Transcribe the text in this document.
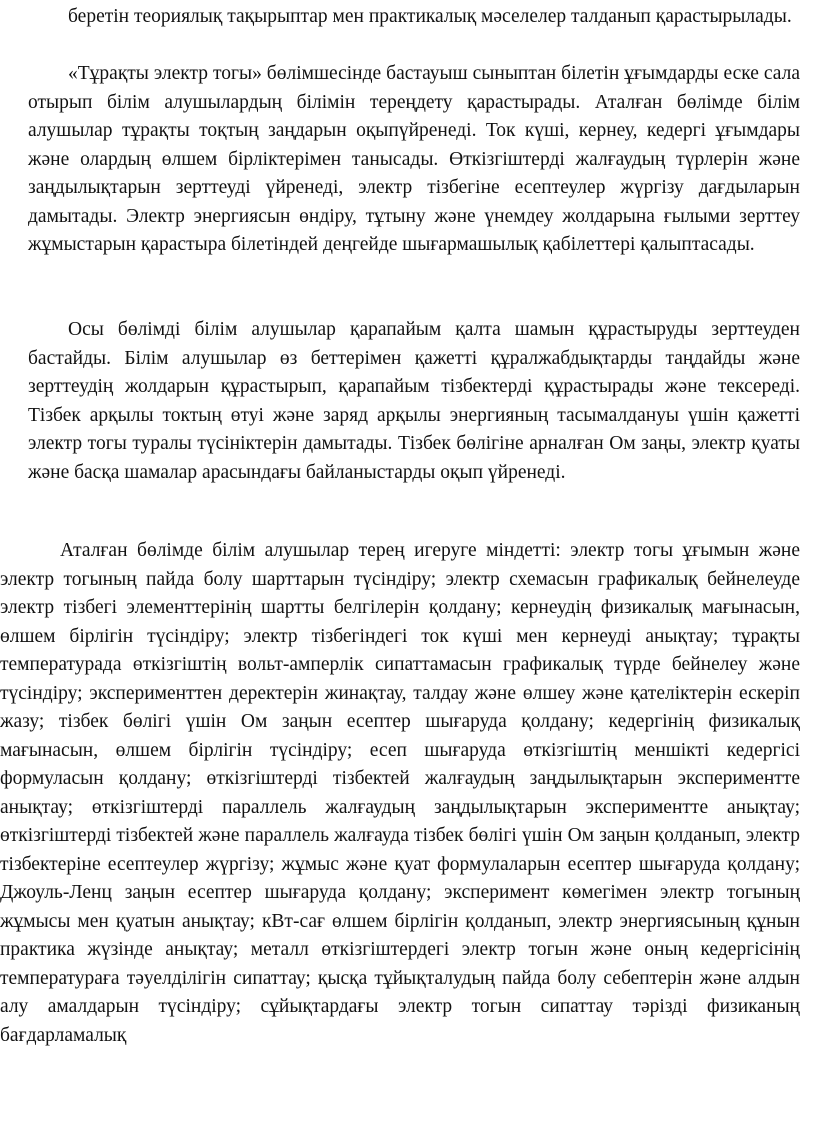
беретін теориялық тақырыптар мен практикалық мәселелер талданып қарастырылады.

«Тұрақты электр тогы» бөлімшесінде бастауыш сыныптан білетін ұғымдарды еске сала отырып білім алушылардың білімін тереңдету қарастырады. Аталған бөлімде білім алушылар тұрақты тоқтың заңдарын оқыпүйренеді. Ток күші, кернеу, кедергі ұғымдары және олардың өлшем бірліктерімен танысады. Өткізгіштерді жалғаудың түрлерін және заңдылықтарын зерттеуді үйренеді, электр тізбегіне есептеулер жүргізу дағдыларын дамытады. Электр энергиясын өндіру, тұтыну және үнемдеу жолдарына ғылыми зерттеу жұмыстарын қарастыра білетіндей деңгейде шығармашылық қабілеттері қалыптасады.

Осы бөлімді білім алушылар қарапайым қалта шамын құрастыруды зерттеуден бастайды. Білім алушылар өз беттерімен қажетті құралжабдықтарды таңдайды және зерттеудің жолдарын құрастырып, қарапайым тізбектерді құрастырады және тексереді. Тізбек арқылы токтың өтуі және заряд арқылы энергияның тасымалдануы үшін қажетті электр тогы туралы түсініктерін дамытады. Тізбек бөлігіне арналған Ом заңы, электр қуаты және басқа шамалар арасындағы байланыстарды оқып үйренеді.

Аталған бөлімде білім алушылар терең игеруге міндетті: электр тогы ұғымын және электр тогының пайда болу шарттарын түсіндіру; электр схемасын графикалық бейнелеуде электр тізбегі элементтерінің шартты белгілерін қолдану; кернеудің физикалық мағынасын, өлшем бірлігін түсіндіру; электр тізбегіндегі ток күші мен кернеуді анықтау; тұрақты температурада өткізгіштің вольт-амперлік сипаттамасын графикалық түрде бейнелеу және түсіндіру; эксперименттен деректерін жинақтау, талдау және өлшеу және қателіктерін ескеріп жазу; тізбек бөлігі үшін Ом заңын есептер шығаруда қолдану; кедергінің физикалық мағынасын, өлшем бірлігін түсіндіру; есеп шығаруда өткізгіштің меншікті кедергісі формуласын қолдану; өткізгіштерді тізбектей жалғаудың заңдылықтарын экспериментте анықтау; өткізгіштерді параллель жалғаудың заңдылықтарын экспериментте анықтау; өткізгіштерді тізбектей және параллель жалғауда тізбек бөлігі үшін Ом заңын қолданып, электр тізбектеріне есептеулер жүргізу; жұмыс және қуат формулаларын есептер шығаруда қолдану; Джоуль-Ленц заңын есептер шығаруда қолдану; эксперимент көмегімен электр тогының жұмысы мен қуатын анықтау; кВт-сағ өлшем бірлігін қолданып, электр энергиясының құнын практика жүзінде анықтау; металл өткізгіштердегі электр тогын және оның кедергісінің температураға тәуелділігін сипаттау; қысқа тұйықталудың пайда болу себептерін және алдын алу амалдарын түсіндіру; сұйықтардағы электр тогын сипаттау тәрізді физиканың бағдарламалық
